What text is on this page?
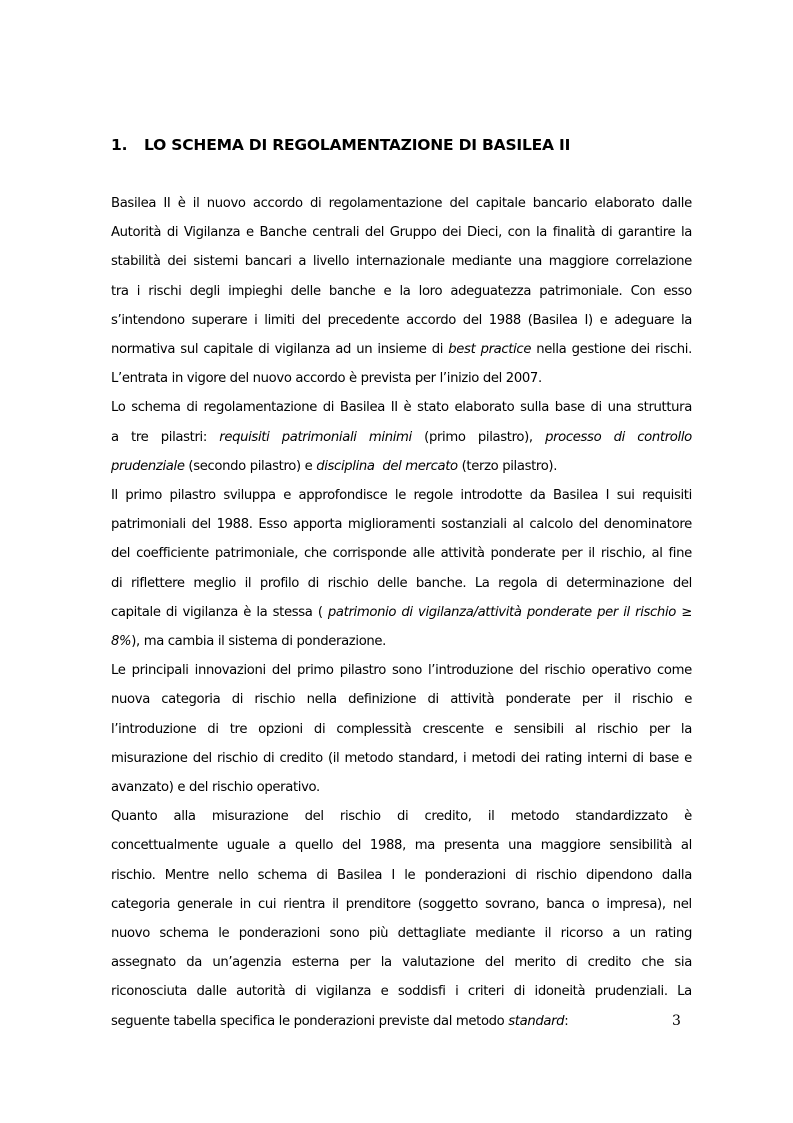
1. LO SCHEMA DI REGOLAMENTAZIONE DI BASILEA II

Basilea II è il nuovo accordo di regolamentazione del capitale bancario elaborato dalle

Autorità di Vigilanza e Banche centrali del Gruppo dei Dieci, con la finalità di garantire la

stabilità dei sistemi bancari a livello internazionale mediante una maggiore correlazione

tra i rischi degli impieghi delle banche e la loro adeguatezza patrimoniale. Con esso

s’intendono superare i limiti del precedente accordo del 1988 (Basilea I) e adeguare la

normativa sul capitale di vigilanza ad un insieme di best practice nella gestione dei rischi.

L’entrata in vigore del nuovo accordo è prevista per l’inizio del 2007.

Lo schema di regolamentazione di Basilea II è stato elaborato sulla base di una struttura

a tre pilastri: requisiti patrimoniali minimi (primo pilastro), processo di controllo

prudenziale (secondo pilastro) e disciplina  del mercato (terzo pilastro).

Il primo pilastro sviluppa e approfondisce le regole introdotte da Basilea I sui requisiti

patrimoniali del 1988. Esso apporta miglioramenti sostanziali al calcolo del denominatore

del coefficiente patrimoniale, che corrisponde alle attività ponderate per il rischio, al fine

di riflettere meglio il profilo di rischio delle banche. La regola di determinazione del

capitale di vigilanza è la stessa ( patrimonio di vigilanza/attività ponderate per il rischio ≥

8%), ma cambia il sistema di ponderazione.

Le principali innovazioni del primo pilastro sono l’introduzione del rischio operativo come

nuova categoria di rischio nella definizione di attività ponderate per il rischio e

l’introduzione di tre opzioni di complessità crescente e sensibili al rischio per la

misurazione del rischio di credito (il metodo standard, i metodi dei rating interni di base e

avanzato) e del rischio operativo.

Quanto alla misurazione del rischio di credito, il metodo standardizzato è

concettualmente uguale a quello del 1988, ma presenta una maggiore sensibilità al

rischio. Mentre nello schema di Basilea I le ponderazioni di rischio dipendono dalla

categoria generale in cui rientra il prenditore (soggetto sovrano, banca o impresa), nel

nuovo schema le ponderazioni sono più dettagliate mediante il ricorso a un rating

assegnato da un’agenzia esterna per la valutazione del merito di credito che sia

riconosciuta dalle autorità di vigilanza e soddisfi i criteri di idoneità prudenziali. La

seguente tabella specifica le ponderazioni previste dal metodo standard:	3
